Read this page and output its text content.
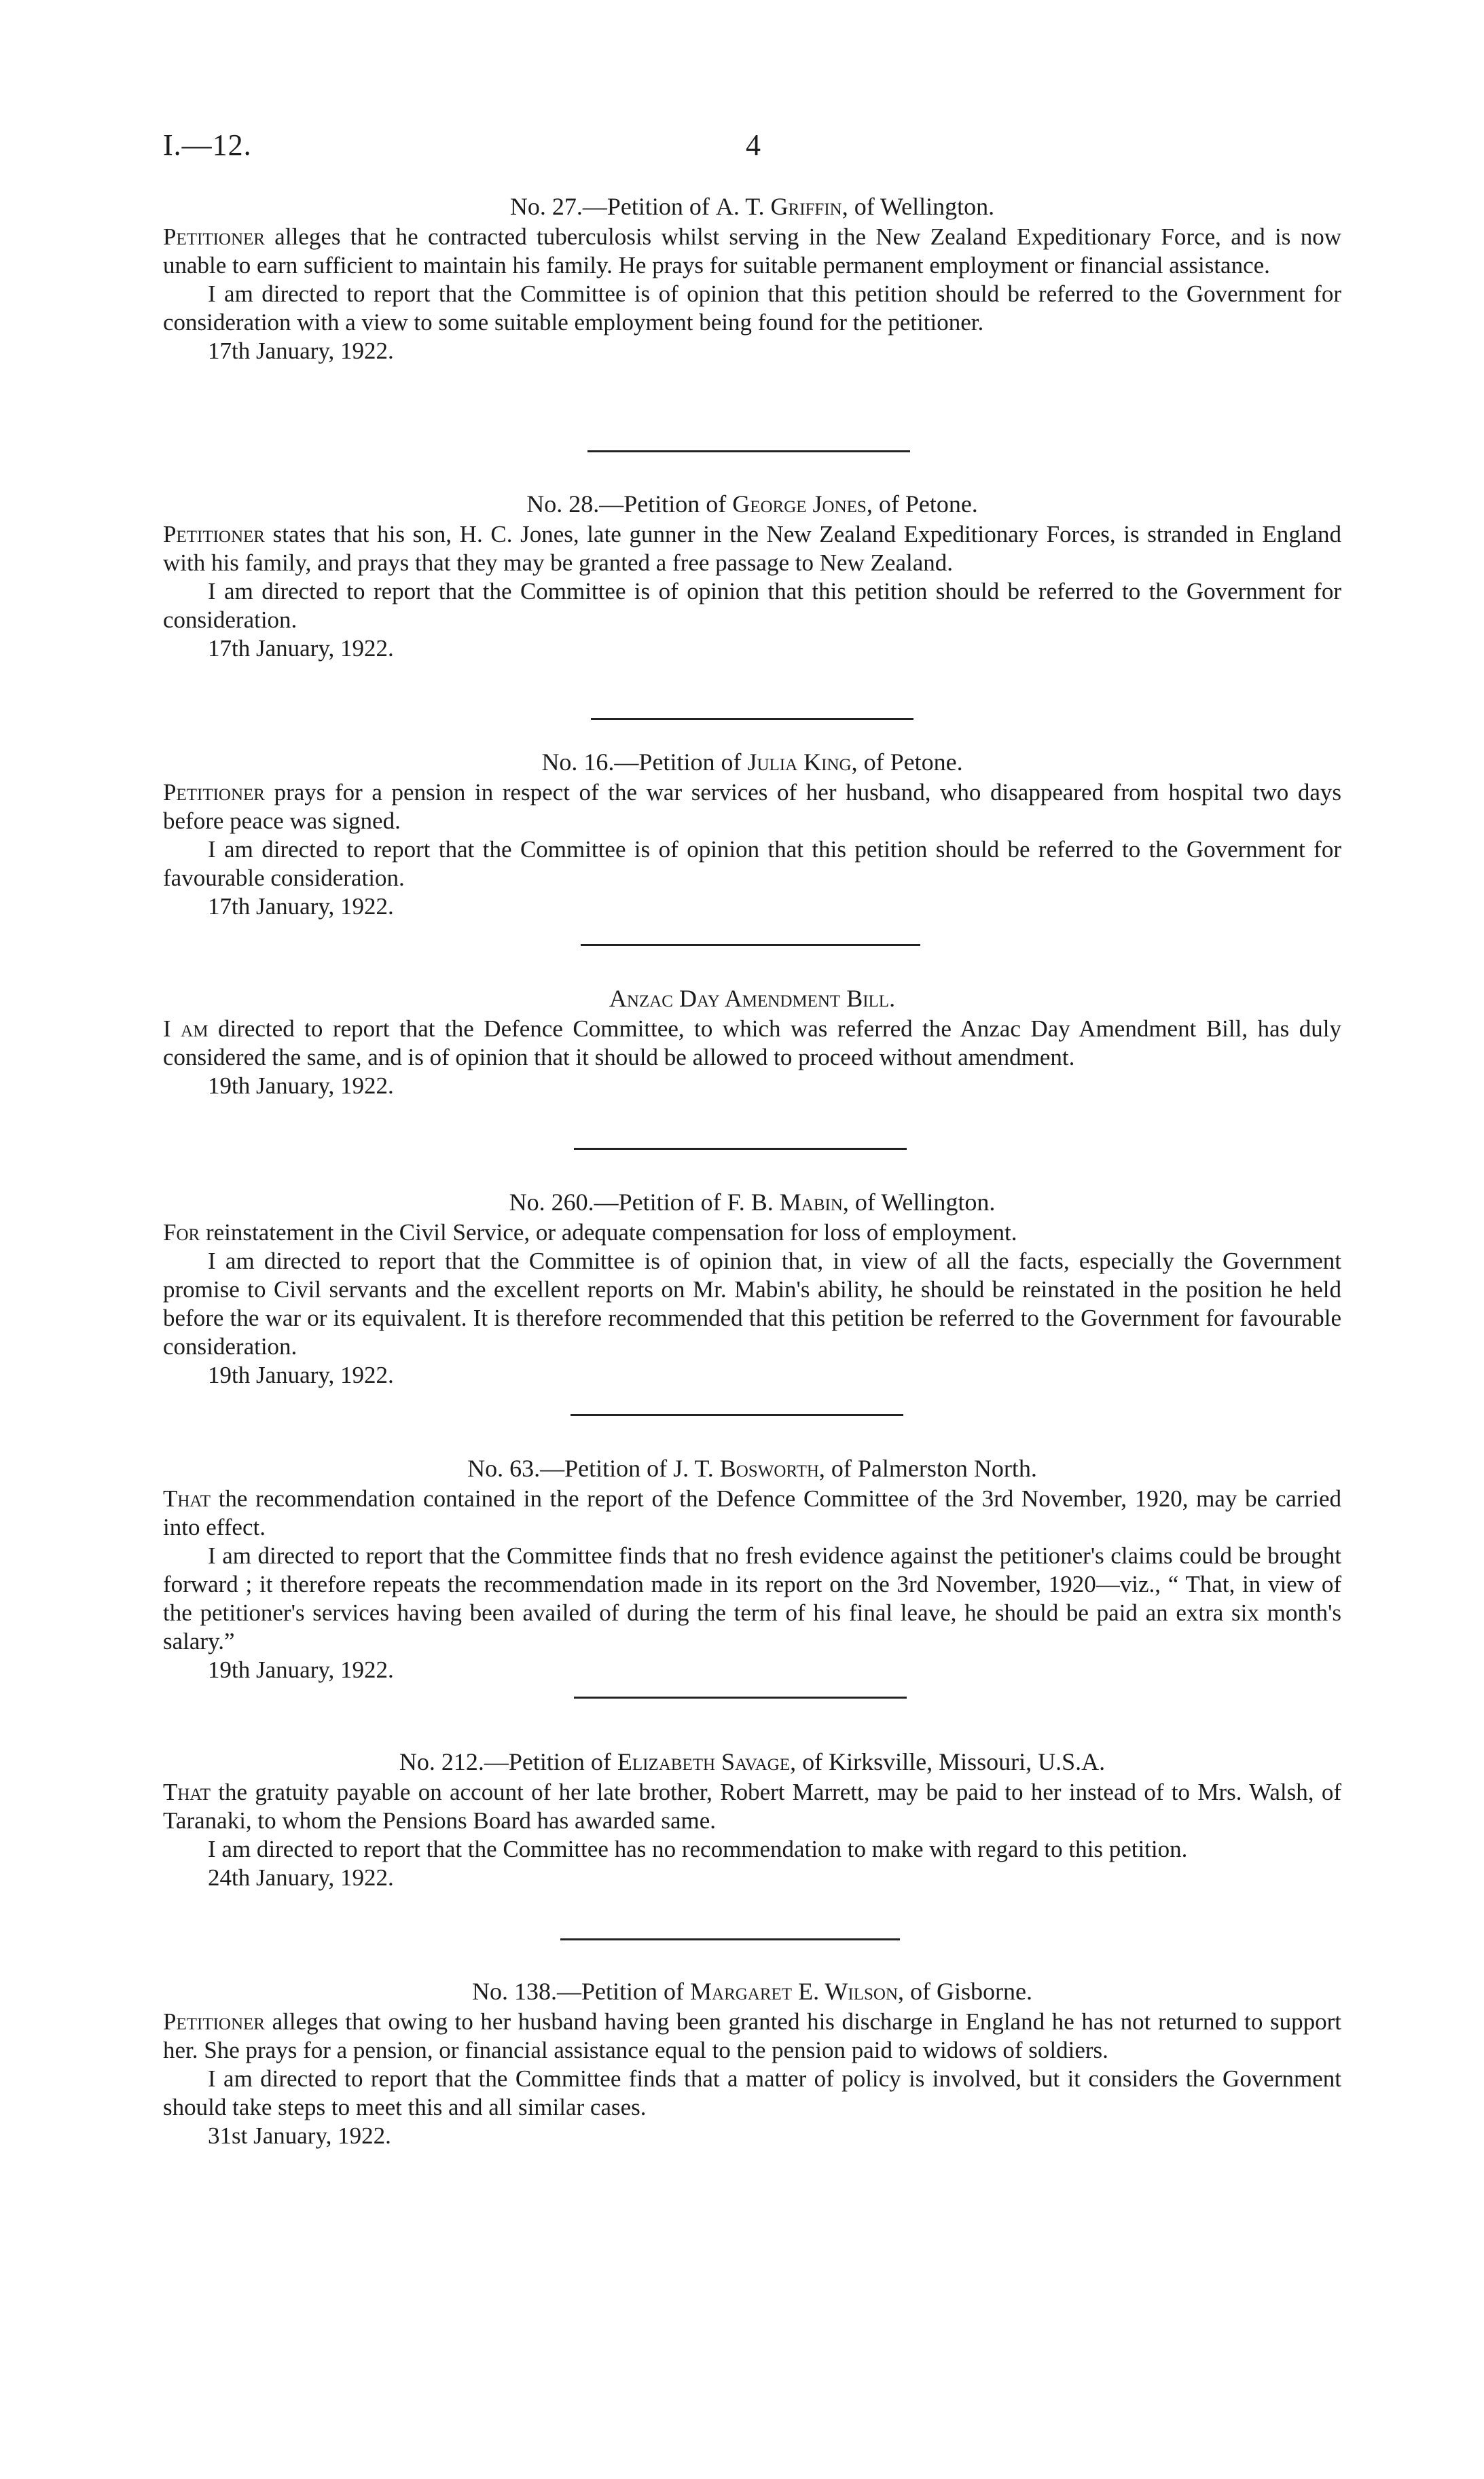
I.—12.	4

No. 27.—Petition of A. T. Griffin, of Wellington.

Petitioner alleges that he contracted tuberculosis whilst serving in the New Zealand Expeditionary Force, and is now unable to earn sufficient to maintain his family. He prays for suitable permanent employment or financial assistance.

I am directed to report that the Committee is of opinion that this petition should be referred to the Government for consideration with a view to some suitable employment being found for the petitioner.

17th January, 1922.

No. 28.—Petition of George Jones, of Petone.

Petitioner states that his son, H. C. Jones, late gunner in the New Zealand Expeditionary Forces, is stranded in England with his family, and prays that they may be granted a free passage to New Zealand.

I am directed to report that the Committee is of opinion that this petition should be referred to the Government for consideration.

17th January, 1922.

No. 16.—Petition of Julia King, of Petone.

Petitioner prays for a pension in respect of the war services of her husband, who disappeared from hospital two days before peace was signed.

I am directed to report that the Committee is of opinion that this petition should be referred to the Government for favourable consideration.

17th January, 1922.

Anzac Day Amendment Bill.

I am directed to report that the Defence Committee, to which was referred the Anzac Day Amendment Bill, has duly considered the same, and is of opinion that it should be allowed to proceed without amendment.

19th January, 1922.

No. 260.—Petition of F. B. Mabin, of Wellington.

For reinstatement in the Civil Service, or adequate compensation for loss of employment.

I am directed to report that the Committee is of opinion that, in view of all the facts, especially the Government promise to Civil servants and the excellent reports on Mr. Mabin's ability, he should be reinstated in the position he held before the war or its equivalent. It is therefore recommended that this petition be referred to the Government for favourable consideration.

19th January, 1922.

No. 63.—Petition of J. T. Bosworth, of Palmerston North.

That the recommendation contained in the report of the Defence Committee of the 3rd November, 1920, may be carried into effect.

I am directed to report that the Committee finds that no fresh evidence against the petitioner's claims could be brought forward ; it therefore repeats the recommendation made in its report on the 3rd November, 1920—viz., “ That, in view of the petitioner's services having been availed of during the term of his final leave, he should be paid an extra six month's salary.”

19th January, 1922.

No. 212.—Petition of Elizabeth Savage, of Kirksville, Missouri, U.S.A.

That the gratuity payable on account of her late brother, Robert Marrett, may be paid to her instead of to Mrs. Walsh, of Taranaki, to whom the Pensions Board has awarded same.

I am directed to report that the Committee has no recommendation to make with regard to this petition.

24th January, 1922.

No. 138.—Petition of Margaret E. Wilson, of Gisborne.

Petitioner alleges that owing to her husband having been granted his discharge in England he has not returned to support her. She prays for a pension, or financial assistance equal to the pension paid to widows of soldiers.

I am directed to report that the Committee finds that a matter of policy is involved, but it considers the Government should take steps to meet this and all similar cases.

31st January, 1922.
